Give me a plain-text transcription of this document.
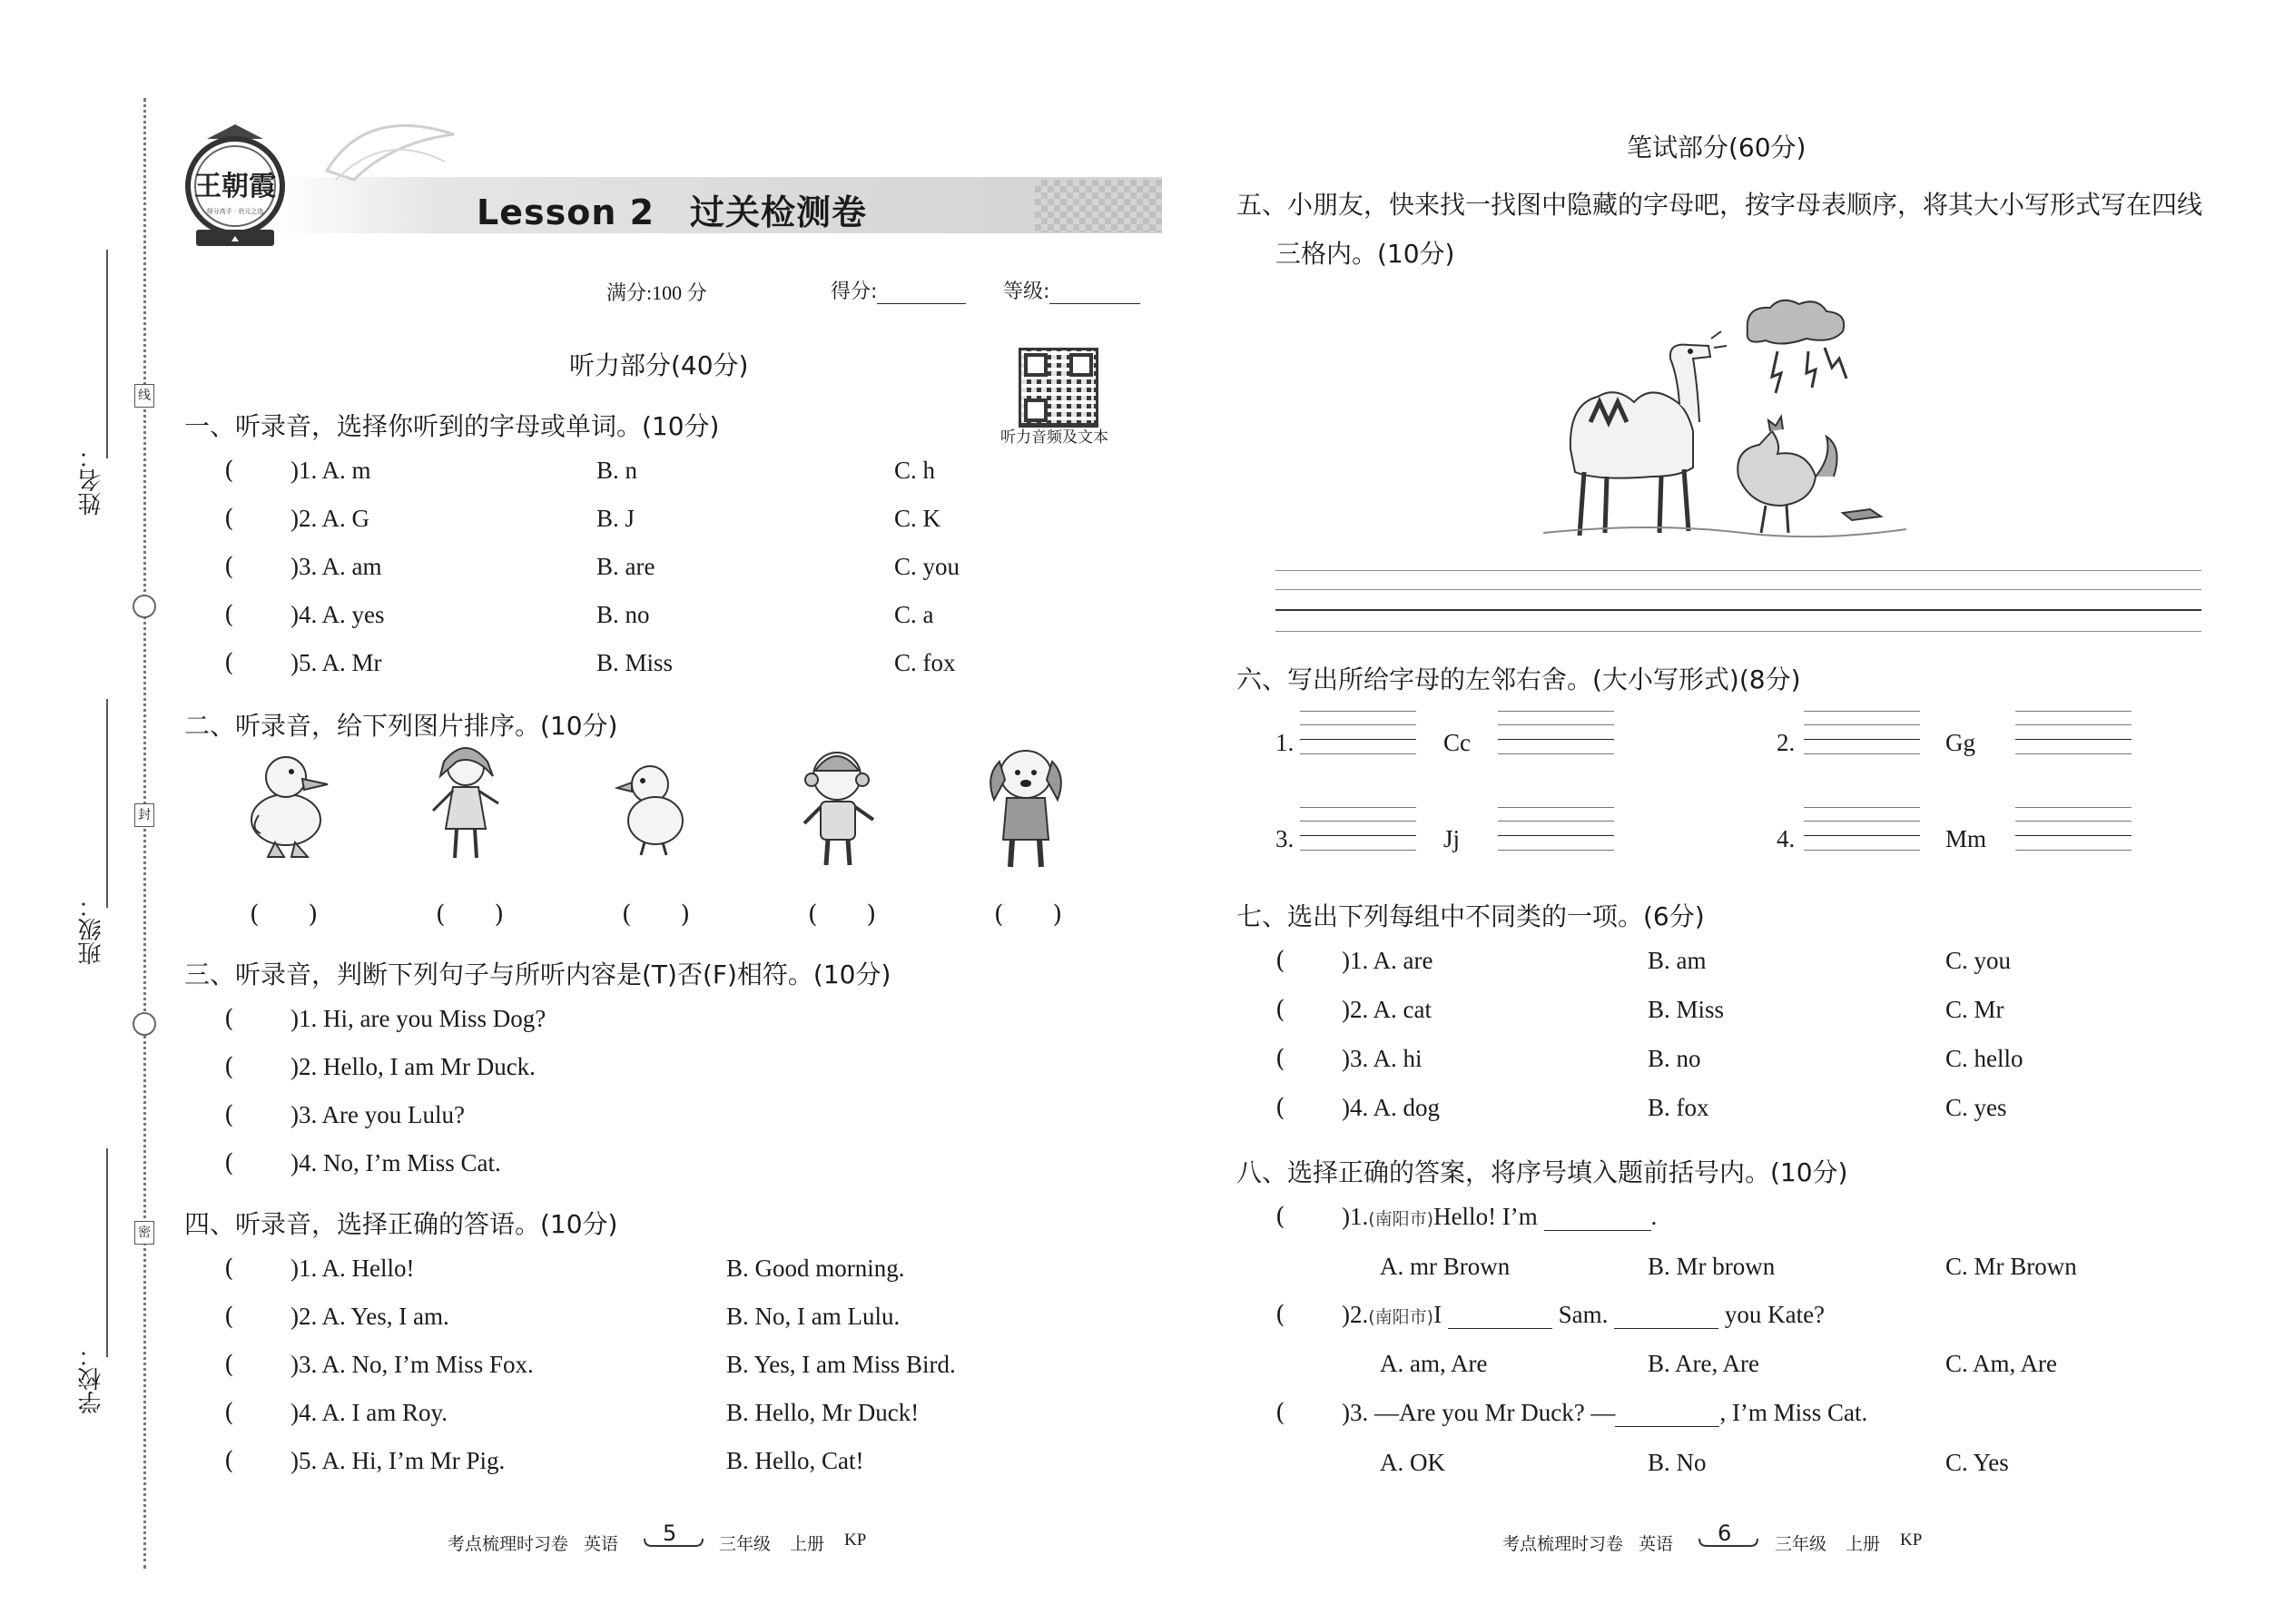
姓名：
班级：
学校：
线
封
密
王朝霞
得分高手 · 状元之选	Lesson 2　过关检测卷
满分:100 分	得分:	等级:
听力部分(40分)
听力音频及文本
一、听录音，选择你听到的字母或单词。(10分)
( )1. A. m	B. n	C. h
( )2. A. G	B. J	C. K
( )3. A. am	B. are	C. you
( )4. A. yes	B. no	C. a
( )5. A. Mr	B. Miss	C. fox
二、听录音，给下列图片排序。(10分)
(　　)	(　　)	(　　)	(　　)	(　　)
三、听录音，判断下列句子与所听内容是(T)否(F)相符。(10分)
( )1. Hi, are you Miss Dog?
( )2. Hello, I am Mr Duck.
( )3. Are you Lulu?
( )4. No, I’m Miss Cat.
四、听录音，选择正确的答语。(10分)
( )1. A. Hello!	B. Good morning.
( )2. A. Yes, I am.	B. No, I am Lulu.
( )3. A. No, I’m Miss Fox.	B. Yes, I am Miss Bird.
( )4. A. I am Roy.	B. Hello, Mr Duck!
( )5. A. Hi, I’m Mr Pig.	B. Hello, Cat!
考点梳理时习卷 英语 5 三年级 上册 KP
笔试部分(60分)
五、小朋友，快来找一找图中隐藏的字母吧，按字母表顺序，将其大小写形式写在四线
三格内。(10分)
六、写出所给字母的左邻右舍。(大小写形式)(8分)
1.	Cc	2.	Gg
3.	Jj	4.	Mm
七、选出下列每组中不同类的一项。(6分)
( )1. A. are	B. am	C. you
( )2. A. cat	B. Miss	C. Mr
( )3. A. hi	B. no	C. hello
( )4. A. dog	B. fox	C. yes
八、选择正确的答案，将序号填入题前括号内。(10分)
( )1.(南阳市)Hello! I’m	.
A. mr Brown	B. Mr brown	C. Mr Brown
( )2.(南阳市)I	Sam.	you Kate?
A. am, Are	B. Are, Are	C. Am, Are
( )3. —Are you Mr Duck? —	, I’m Miss Cat.
A. OK	B. No	C. Yes
考点梳理时习卷 英语 6	三年级 上册 KP
